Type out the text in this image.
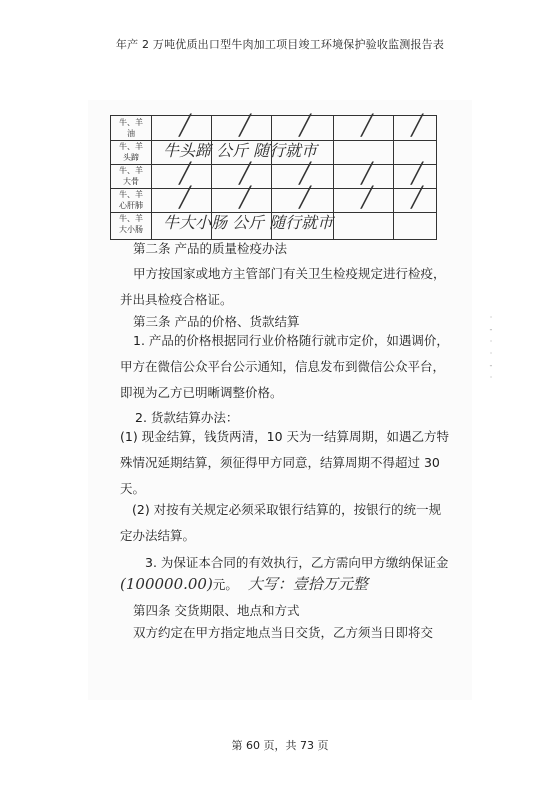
年产 2 万吨优质出口型牛肉加工项目竣工环境保护验收监测报告表
牛、羊
油	╱ ╱ ╱ ╱ ╱
牛、羊
头蹄	牛头蹄 公斤 随行就市
牛、羊
大骨	╱ ╱ ╱ ╱ ╱
牛、羊
心肝肺	╱ ╱ ╱ ╱ ╱
牛、羊
大小肠	牛大小肠 公斤 随行就市
第二条 产品的质量检疫办法
甲方按国家或地方主管部门有关卫生检疫规定进行检疫，并出具检疫合格证。
第三条 产品的价格、货款结算
1. 产品的价格根据同行业价格随行就市定价，如遇调价，甲方在微信公众平台公示通知，信息发布到微信公众平台，即视为乙方已明晰调整价格。
2. 货款结算办法：
(1) 现金结算，钱货两清，10 天为一结算周期，如遇乙方特殊情况延期结算，须征得甲方同意，结算周期不得超过 30 天。
(2) 对按有关规定必须采取银行结算的，按银行的统一规定办法结算。
3. 为保证本合同的有效执行，乙方需向甲方缴纳保证金
(100000.00)元。 大写：壹拾万元整
第四条 交货期限、地点和方式
双方约定在甲方指定地点当日交货，乙方须当日即将交
·
-
·
·
-
·
第 60 页，共 73 页
